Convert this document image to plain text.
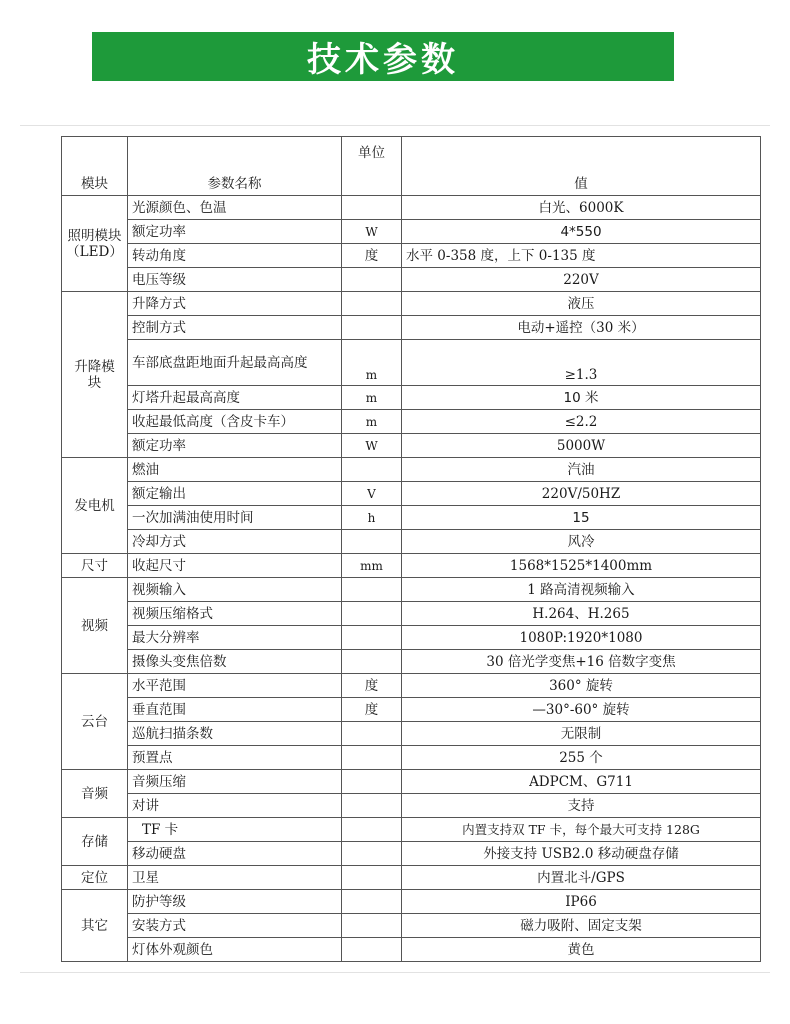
技术参数
模块	参数名称	单位	值
照明模块（LED）	光源颜色、色温		白光、6000K
	额定功率	W	4*550
	转动角度	度	水平 0-358 度，上下 0-135 度
	电压等级		220V
升降模块	升降方式		液压
	控制方式		电动+遥控（30 米）
	车部底盘距地面升起最高高度	m	≥1.3
	灯塔升起最高高度	m	10 米
	收起最低高度（含皮卡车）	m	≤2.2
	额定功率	W	5000W
发电机	燃油		汽油
	额定输出	V	220V/50HZ
	一次加满油使用时间	h	15
	冷却方式		风冷
尺寸	收起尺寸	mm	1568*1525*1400mm
视频	视频输入		1 路高清视频输入
	视频压缩格式		H.264、H.265
	最大分辨率		1080P:1920*1080
	摄像头变焦倍数		30 倍光学变焦+16 倍数字变焦
云台	水平范围	度	360° 旋转
	垂直范围	度	—30°-60° 旋转
	巡航扫描条数		无限制
	预置点		255 个
音频	音频压缩		ADPCM、G711
	对讲		支持
存储	TF 卡		内置支持双 TF 卡，每个最大可支持 128G
	移动硬盘		外接支持 USB2.0 移动硬盘存储
定位	卫星		内置北斗/GPS
其它	防护等级		IP66
	安装方式		磁力吸附、固定支架
	灯体外观颜色		黄色
